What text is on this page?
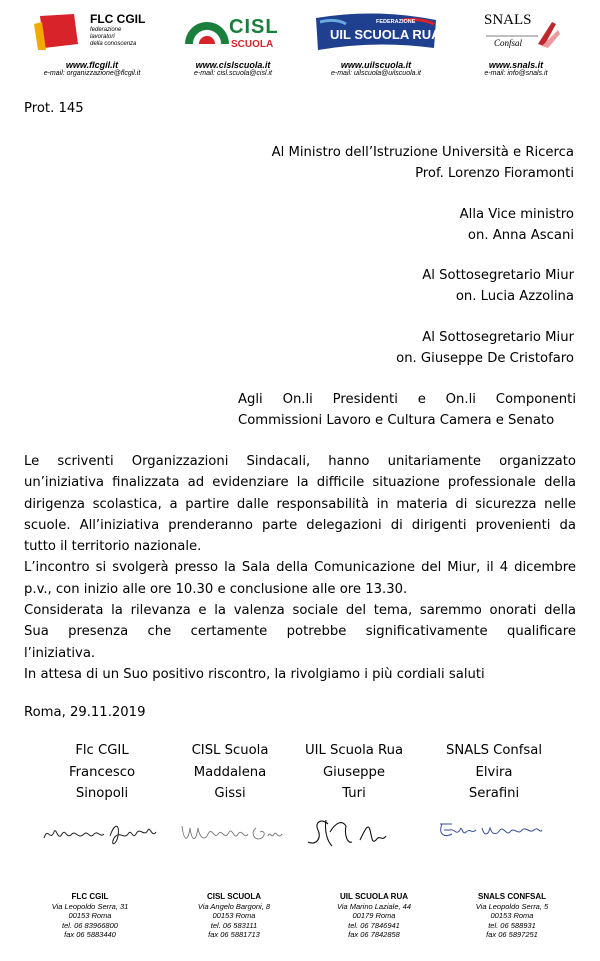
FLC CGIL
federazione
lavoratori
della conoscenza
www.flcgil.it
e-mail: organizzazione@flcgil.it
CISL
SCUOLA
www.cislscuola.it
e-mail: cisl.scuola@cisl.it
FEDERAZIONE
UIL SCUOLA RUA
www.uilscuola.it
e-mail: uilscuola@uilscuola.it
SNALS
Confsal
www.snals.it
e-mail: info@snals.it
Prot. 145
Al Ministro dell’Istruzione Università e Ricerca
Prof. Lorenzo Fioramonti
Alla Vice ministro
on. Anna Ascani
Al Sottosegretario Miur
on. Lucia Azzolina
Al Sottosegretario Miur
on. Giuseppe De Cristofaro
Agli On.li Presidenti e On.li Componenti
Commissioni Lavoro e Cultura Camera e Senato
Le scriventi Organizzazioni Sindacali, hanno unitariamente organizzato
un’iniziativa finalizzata ad evidenziare la difficile situazione professionale della
dirigenza scolastica, a partire dalle responsabilità in materia di sicurezza nelle
scuole. All’iniziativa prenderanno parte delegazioni di dirigenti provenienti da
tutto il territorio nazionale.
L’incontro si svolgerà presso la Sala della Comunicazione del Miur, il 4 dicembre
p.v., con inizio alle ore 10.30 e conclusione alle ore 13.30.
Considerata la rilevanza e la valenza sociale del tema, saremmo onorati della
Sua presenza che certamente potrebbe significativamente qualificare
l’iniziativa.
In attesa di un Suo positivo riscontro, la rivolgiamo i più cordiali saluti
Roma, 29.11.2019
Flc CGIL
Francesco
Sinopoli
CISL Scuola
Maddalena
Gissi
UIL Scuola Rua
Giuseppe
Turi
SNALS Confsal
Elvira
Serafini
FLC CGIL
Via Leopoldo Serra, 31
00153 Roma
tel. 06 83966800
fax 06 5883440
CISL SCUOLA
Via Angelo Bargoni, 8
00153 Roma
tel. 06 583111
fax 06 5881713
UIL SCUOLA RUA
Via Marino Laziale, 44
00179 Roma
tel. 06 7846941
fax 06 7842858
SNALS CONFSAL
Via Leopoldo Serra, 5
00153 Roma
tel. 06 588931
fax 06 5897251
